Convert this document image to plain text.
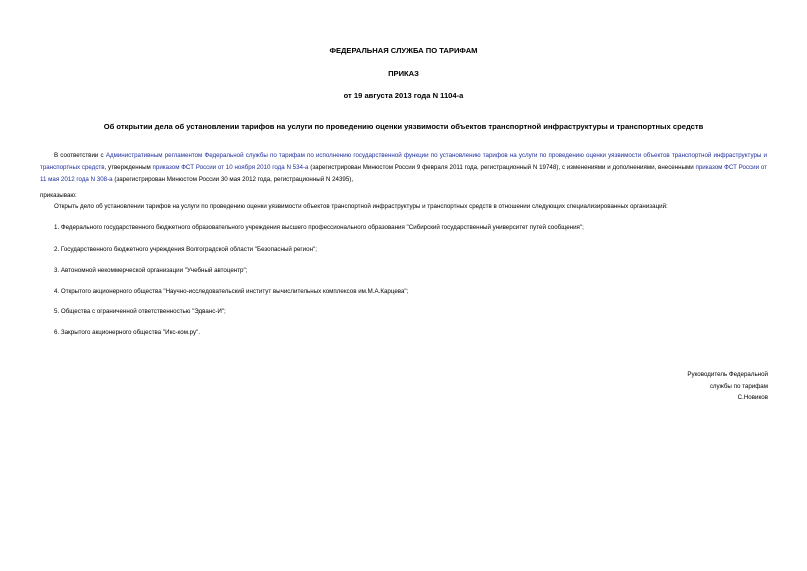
ФЕДЕРАЛЬНАЯ СЛУЖБА ПО ТАРИФАМ
ПРИКАЗ
от 19 августа 2013 года N 1104-а
Об открытии дела об установлении тарифов на услуги по проведению оценки уязвимости объектов транспортной инфраструктуры и транспортных средств
В соответствии с Административным регламентом Федеральной службы по тарифам по исполнению государственной функции по установлению тарифов на услуги по проведению оценки уязвимости объектов транспортной инфраструктуры и транспортных средств, утвержденным приказом ФСТ России от 10 ноября 2010 года N 534-а (зарегистрирован Минюстом России 9 февраля 2011 года, регистрационный N 19748), с изменениями и дополнениями, внесенными приказом ФСТ России от 11 мая 2012 года N 308-а (зарегистрирован Минюстом России 30 мая 2012 года, регистрационный N 24395),
приказываю:
Открыть дело об установлении тарифов на услуги по проведению оценки уязвимости объектов транспортной инфраструктуры и транспортных средств в отношении следующих специализированных организаций:
1. Федерального государственного бюджетного образовательного учреждения высшего профессионального образования "Сибирский государственный университет путей сообщения";
2. Государственного бюджетного учреждения Волгоградской области "Безопасный регион";
3. Автономной некоммерческой организации "Учебный автоцентр";
4. Открытого акционерного общества "Научно-исследовательский институт вычислительных комплексов им.М.А.Карцева";
5. Общества с ограниченной ответственностью "Эдванс-И";
6. Закрытого акционерного общества "Икс-ком.ру".
Руководитель Федеральной
службы по тарифам
С.Новиков
